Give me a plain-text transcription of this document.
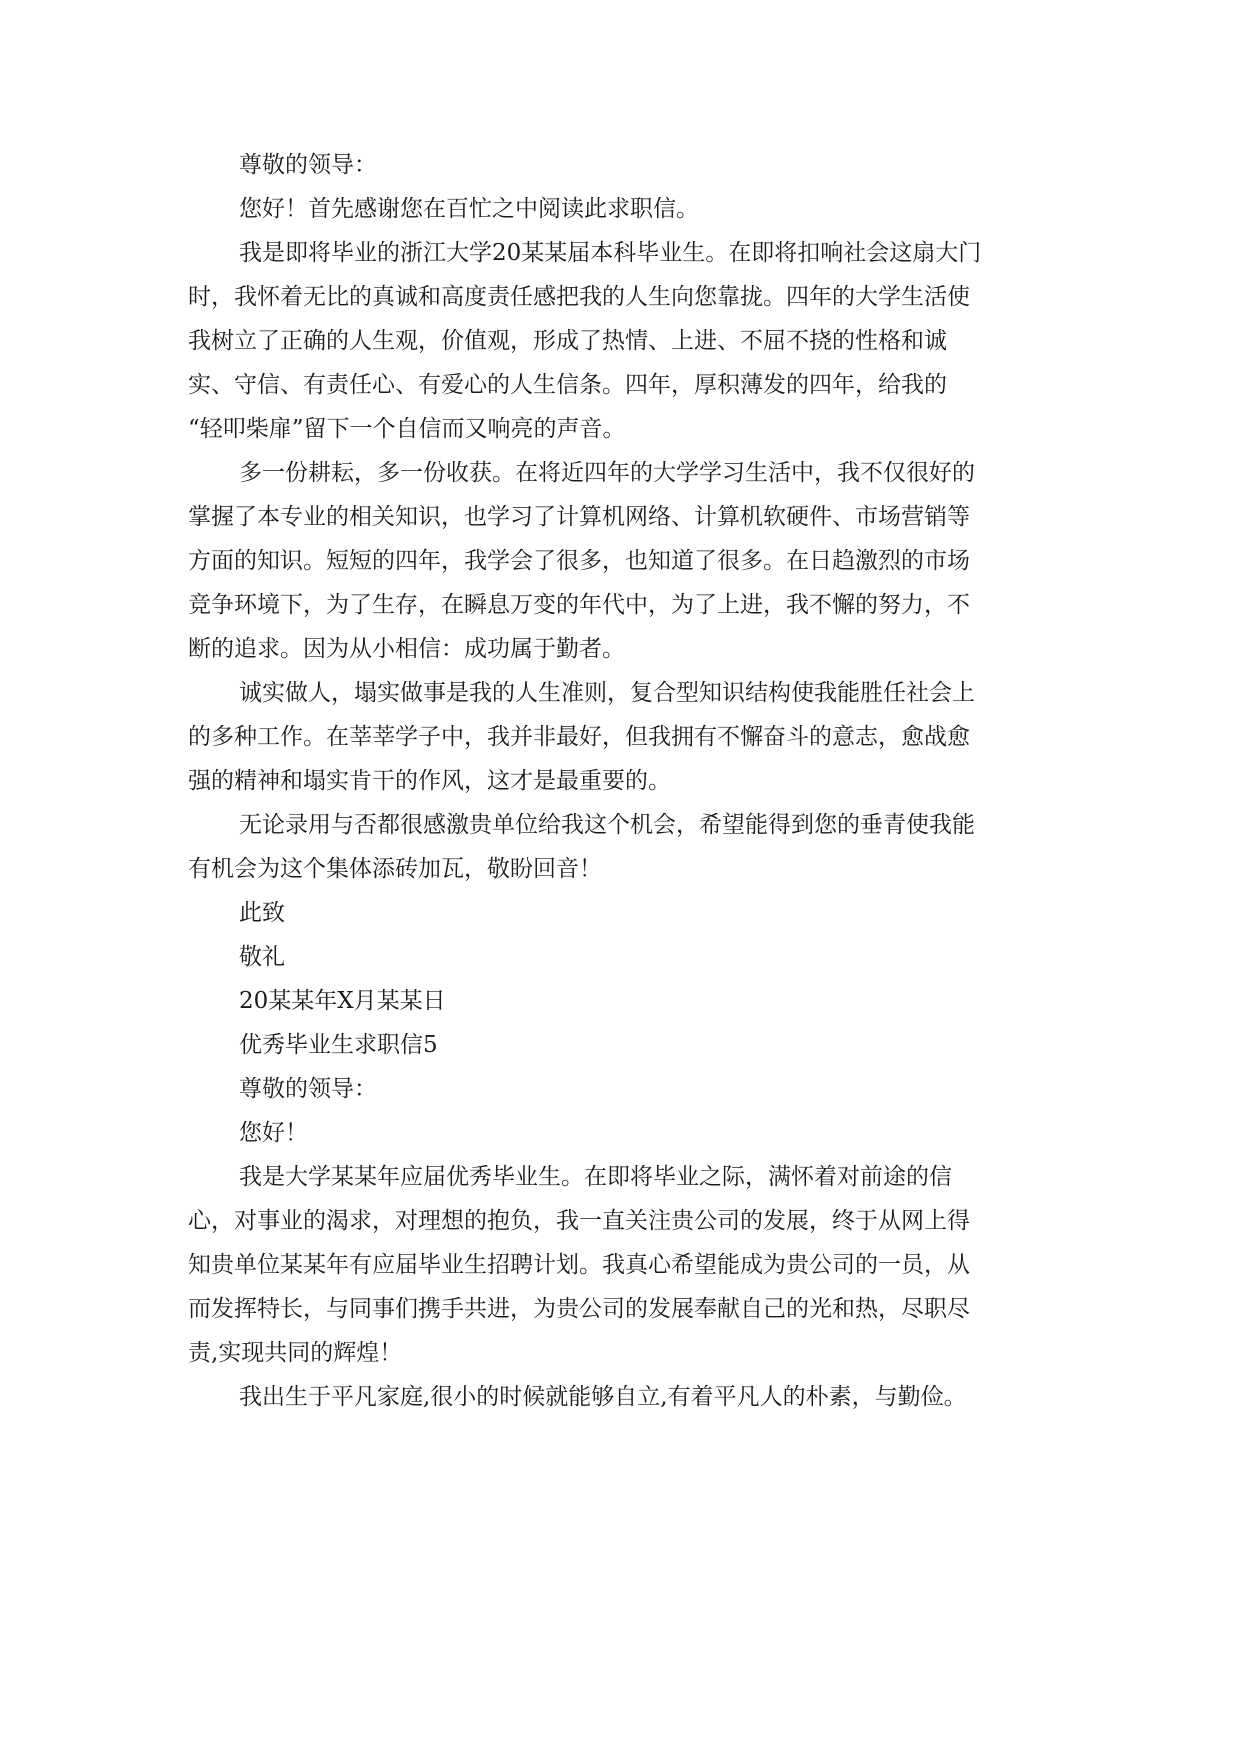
尊敬的领导：
您好！首先感谢您在百忙之中阅读此求职信。
我是即将毕业的浙江大学20某某届本科毕业生。在即将扣响社会这扇大门
时，我怀着无比的真诚和高度责任感把我的人生向您靠拢。四年的大学生活使
我树立了正确的人生观，价值观，形成了热情、上进、不屈不挠的性格和诚
实、守信、有责任心、有爱心的人生信条。四年，厚积薄发的四年，给我的
“轻叩柴扉”留下一个自信而又响亮的声音。
多一份耕耘，多一份收获。在将近四年的大学学习生活中，我不仅很好的
掌握了本专业的相关知识，也学习了计算机网络、计算机软硬件、市场营销等
方面的知识。短短的四年，我学会了很多，也知道了很多。在日趋激烈的市场
竞争环境下，为了生存，在瞬息万变的年代中，为了上进，我不懈的努力，不
断的追求。因为从小相信：成功属于勤者。
诚实做人，塌实做事是我的人生准则，复合型知识结构使我能胜任社会上
的多种工作。在莘莘学子中，我并非最好，但我拥有不懈奋斗的意志，愈战愈
强的精神和塌实肯干的作风，这才是最重要的。
无论录用与否都很感激贵单位给我这个机会，希望能得到您的垂青使我能
有机会为这个集体添砖加瓦，敬盼回音！
此致
敬礼
20某某年X月某某日
优秀毕业生求职信5
尊敬的领导：
您好！
我是大学某某年应届优秀毕业生。在即将毕业之际，满怀着对前途的信
心，对事业的渴求，对理想的抱负，我一直关注贵公司的发展，终于从网上得
知贵单位某某年有应届毕业生招聘计划。我真心希望能成为贵公司的一员，从
而发挥特长，与同事们携手共进，为贵公司的发展奉献自己的光和热，尽职尽
责,实现共同的辉煌！
我出生于平凡家庭,很小的时候就能够自立,有着平凡人的朴素，与勤俭。
